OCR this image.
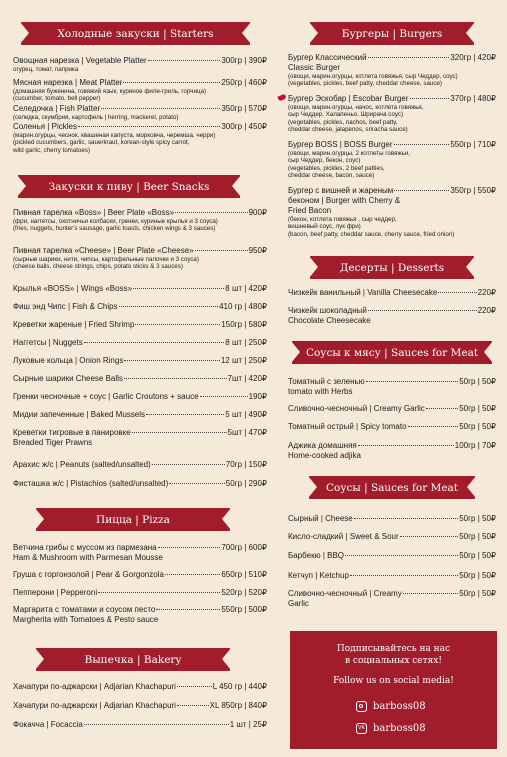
Холодные закуски | Starters
Овощная нарезка | Vegetable Platter	300гр | 390₽
огурец, томат, паприка
Мясная нарезка | Meat Platter	250гр | 460₽
(домашняя буженина, говяжий язык, куриное филе-гриль, горчица)
(cucumber, tomato, bell pepper)
Селедочка | Fish Platter	350гр | 570₽
(селедка, скумбрия, картофель | herring, mackerel, potato)
Соленья | Pickles	300гр | 450₽
(марин.огурцы, чеснок, квашеная капуста, морковча, черемша, черри)
(pickled cucumbers, garlic, sauerkraut, korean-style spicy carrot,
wild garlic, cherry tomatoes)
Закуски к пиву | Beer Snacks
Пивная тарелка «Boss» | Beer Plate «Boss»	900₽
(фри, наггетсы, охотничьи колбаски, гренки, куриные крылья и 3 соуса)
(fries, nuggets, hunter's sausage, garlic toasts, chicken wings & 3 sauces)
Пивная тарелка «Cheese» | Beer Plate «Cheese»	950₽
(сырные шарики, нити, чипсы, картофельные палочки и 3 соуса)
(cheese balls, cheese strings, chips, potato sticks & 3 sauces)
Крылья «BOSS» | Wings «Boss»	8 шт | 420₽
Фиш энд Чипс | Fish & Chips	410 гр | 480₽
Креветки жареные | Fried Shrimp	150гр | 580₽
Наггетсы | Nuggets	8 шт | 250₽
Луковые кольца | Onion Rings	12 шт | 250₽
Сырные шарики Cheese Balls	7шт | 420₽
Гренки чесночные + соус | Garlic Croutons + sauce	190₽
Мидии запеченные | Baked Mussels	5 шт | 490₽
Креветки тигровые в панировке	5шт | 470₽
Breaded Tiger Prawns
Арахис ж/с | Peanuts (salted/unsalted)	70гр | 150₽
Фисташка ж/с | Pistachios (salted/unsalted)	50гр | 290₽
Пицца | Pizza
Ветчина грибы с муссом из пармезана	700гр | 600₽
Ham & Mushroom with Parmesan Mousse
Груша с горгонзолой | Pear & Gorgonzola	650гр | 510₽
Пепперони | Pepperoni	520гр | 520₽
Маргарита с томатами и соусом песто	550гр | 500₽
Margherita with Tomatoes & Pesto sauce
Выпечка | Bakery
Хачапури по-аджарски | Adjarian Khachapuri	L 450 гр | 440₽
Хачапури по-аджарски | Adjarian Khachapuri	XL 850гр | 840₽
Фокачча | Focaccia	1 шт | 25₽
Бургеры | Burgers
Бургер Классический	320гр | 420₽
Classic Burger
(овощи, марин.огурцы, котлета говяжья, сыр Чеддер, соус)
(vegetables, pickles, beef patty, cheddar cheese, sauce)
Бургер Эскобар | Escobar Burger	370гр | 480₽
(овощи, марин.огурцы, начос, котлета говяжья,
сыр Чеддер, Халапеньо, Шрирача соус)
(vegetables, pickles, nachos, beef patty,
cheddar cheese, jalapenos, sriracha sauce)
Бургер BOSS | BOSS Burger	550гр | 710₽
(овощи, марин.огурцы, 2 котлеты говяжьи,
сыр Чеддер, бекон, соус)
(vegetables, pickles, 2 beef patties,
cheddar cheese, bacon, sauce)
Бургер с вишней и жареным	350гр | 550₽
беконом | Burger with Cherry &
Fried Bacon
(бекон, котлета говяжья , сыр чеддер,
вишневый соус, лук фри)
(bacon, beef patty, cheddar sauce, cherry sauce, fried onion)
Десерты | Desserts
Чизкейк ванильный | Vanilla Cheesecake	220₽
Чизкейк шоколадный	220₽
Chocolate Cheesecake
Соусы к мясу | Sauces for Meat
Томатный с зеленью	50гр | 50₽
tomato with Herbs
Сливочно-чесночный | Creamy Garlic	50гр | 50₽
Томатный острый | Spicy tomato	50гр | 50₽
Аджика домашняя	100гр | 70₽
Home-cooked adjika
Соусы | Sauces for Meat
Сырный | Cheese	50гр | 50₽
Кисло-сладкий | Sweet & Sour	50гр | 50₽
Барбекю | BBQ	50гр | 50₽
Кетчуп | Ketchup	50гр | 50₽
Сливочно-чесночный | Creamy	50гр | 50₽
Garlic
Подписывайтесь на нас
в социальных сетях!
Follow us on social media!
barboss08
VK barboss08
